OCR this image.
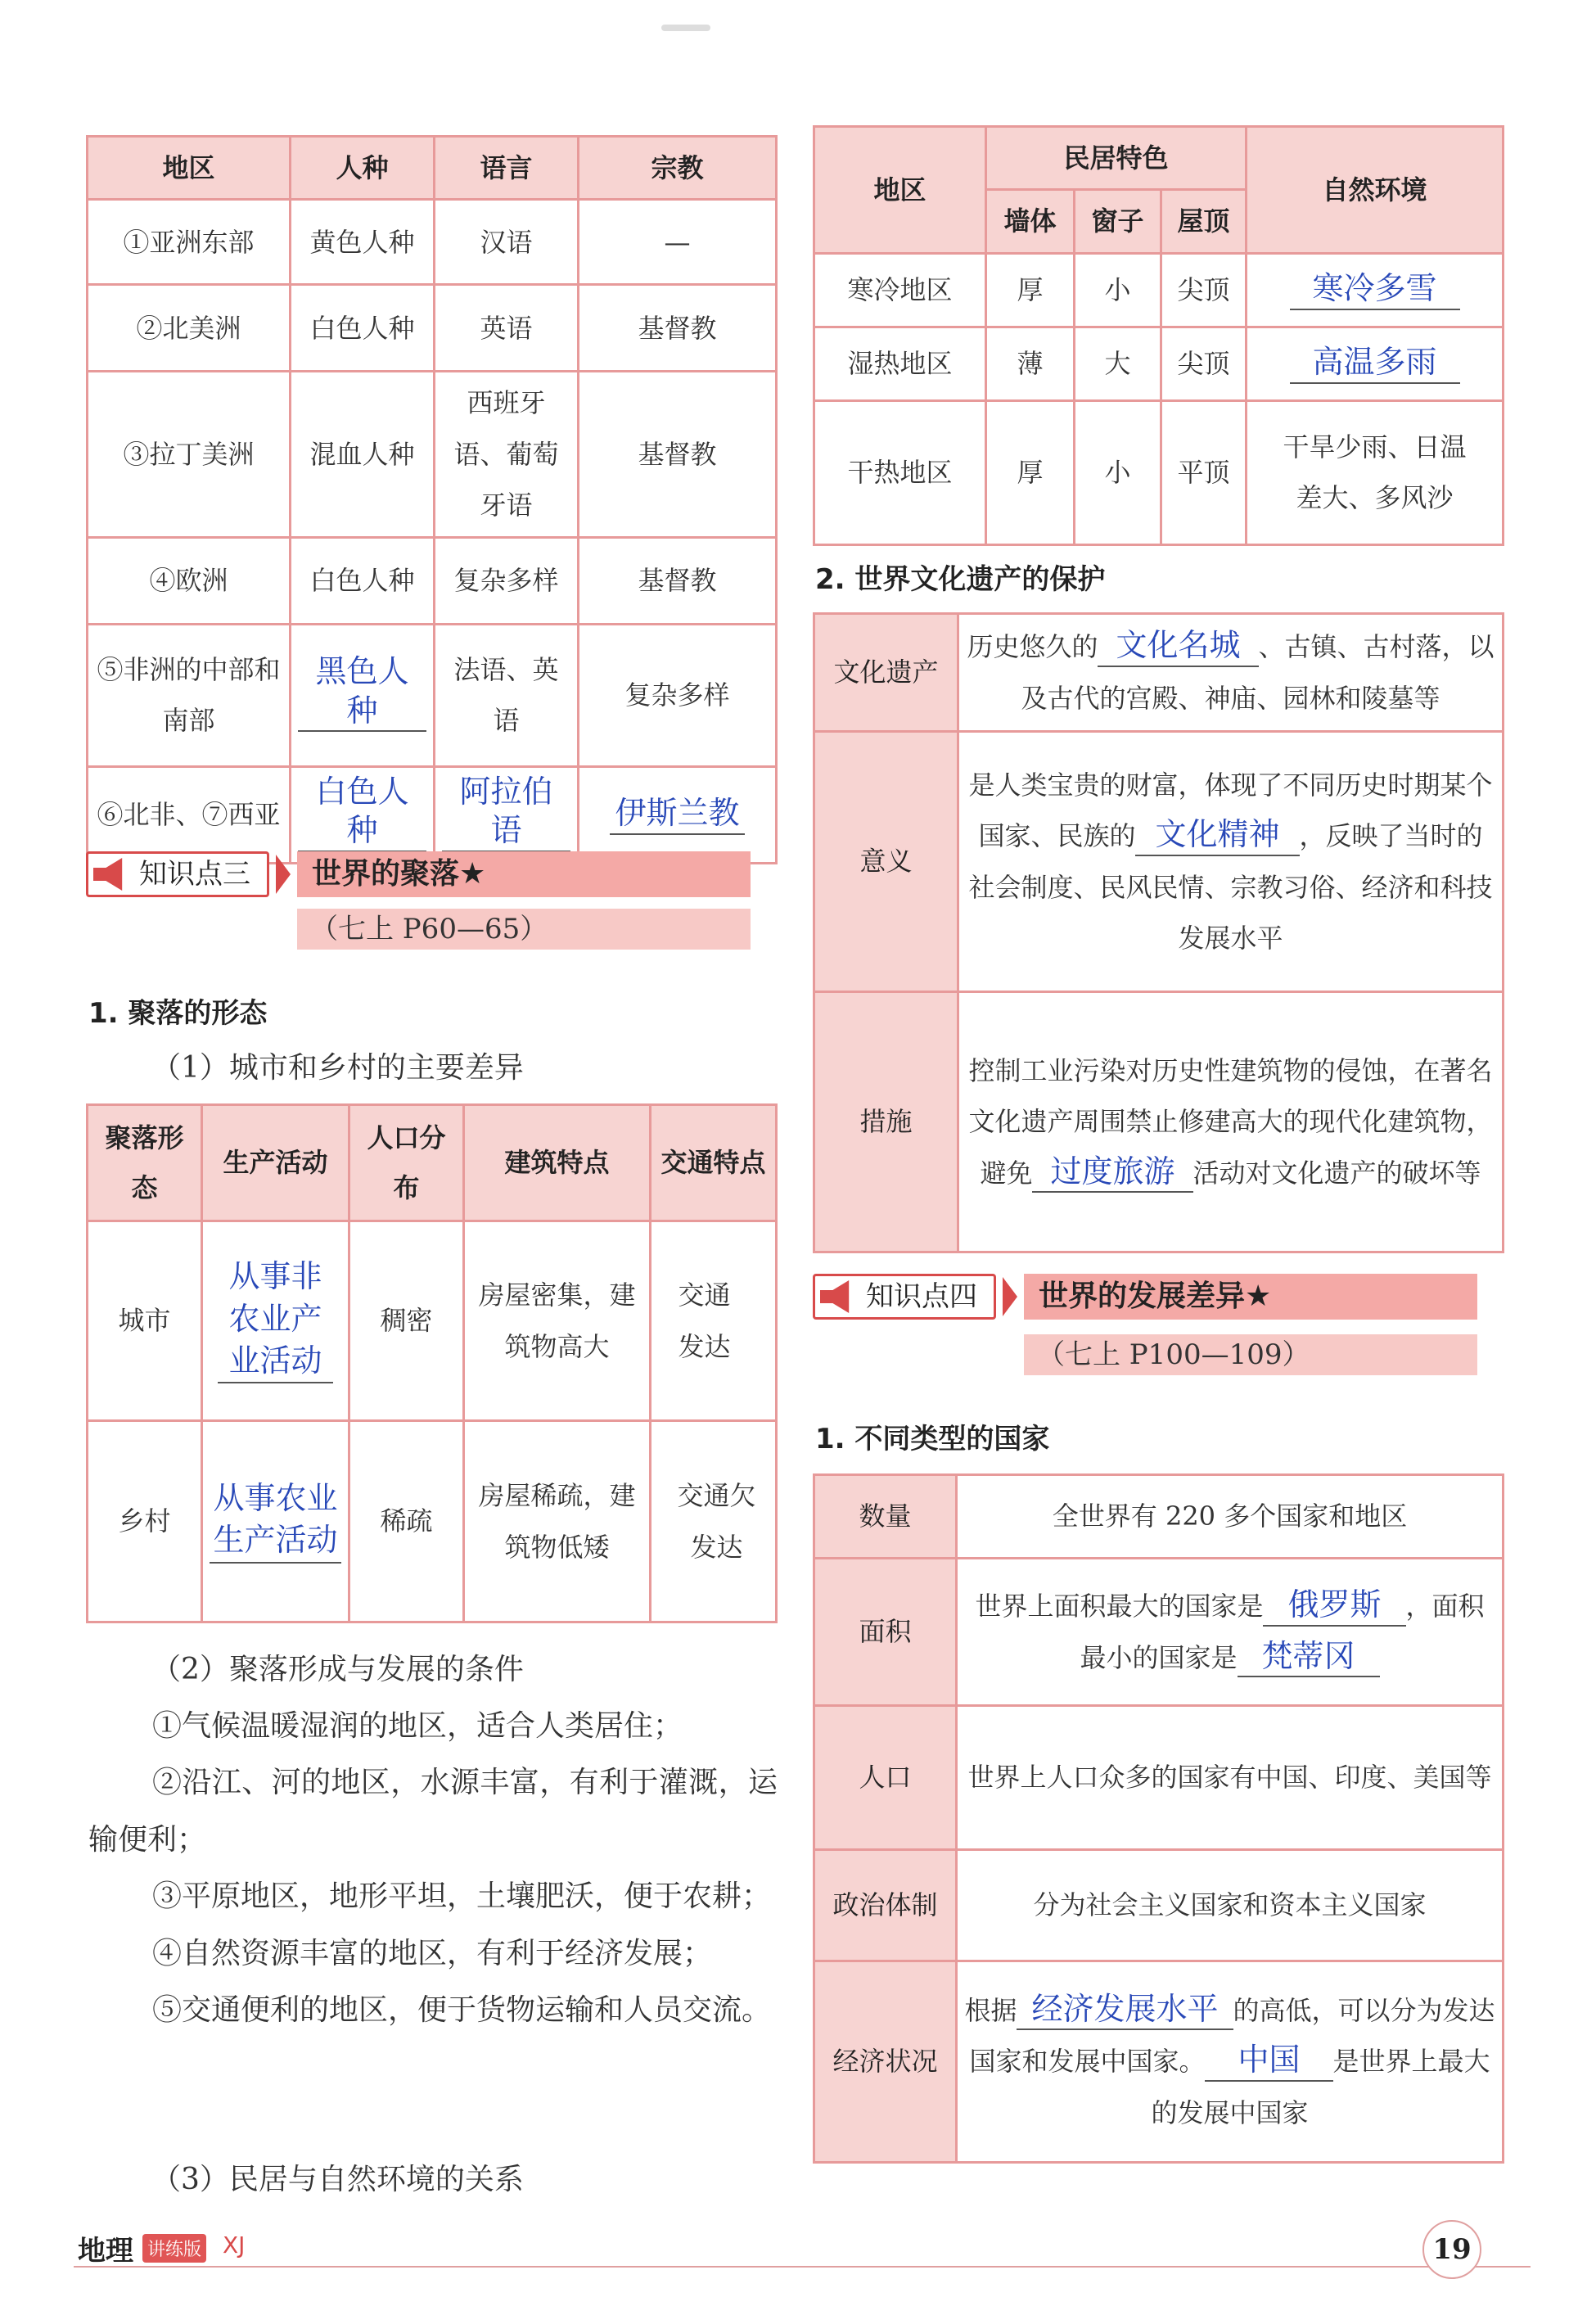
地区	人种	语言	宗教
①亚洲东部	黄色人种	汉语	—
②北美洲	白色人种	英语	基督教
③拉丁美洲	混血人种	西班牙语、葡萄牙语	基督教
④欧洲	白色人种	复杂多样	基督教
⑤非洲的中部和南部	黑色人种	法语、英语	复杂多样
⑥北非、⑦西亚	白色人种	阿拉伯语	伊斯兰教
知识点三	世界的聚落★
（七上 P60—65）
1. 聚落的形态
（1）城市和乡村的主要差异
聚落形态	生产活动	人口分布	建筑特点	交通特点
城市	从事非农业产业活动	稠密	房屋密集，建筑物高大	交通发达
乡村	从事农业生产活动	稀疏	房屋稀疏，建筑物低矮	交通欠发达
（2）聚落形成与发展的条件
①气候温暖湿润的地区，适合人类居住；
②沿江、河的地区，水源丰富，有利于灌溉，运输便利；
③平原地区，地形平坦，土壤肥沃，便于农耕；
④自然资源丰富的地区，有利于经济发展；
⑤交通便利的地区，便于货物运输和人员交流。
（3）民居与自然环境的关系
地区	民居特色			自然环境
	墙体	窗子	屋顶	
寒冷地区	厚	小	尖顶	寒冷多雪
湿热地区	薄	大	尖顶	高温多雨
干热地区	厚	小	平顶	干旱少雨、日温差大、多风沙
2. 世界文化遗产的保护
文化遗产	历史悠久的 文化名城 、古镇、古村落，以及古代的宫殿、神庙、园林和陵墓等
意义	是人类宝贵的财富，体现了不同历史时期某个国家、民族的 文化精神 ，反映了当时的社会制度、民风民情、宗教习俗、经济和科技发展水平
措施	控制工业污染对历史性建筑物的侵蚀，在著名文化遗产周围禁止修建高大的现代化建筑物，避免 过度旅游 活动对文化遗产的破坏等
知识点四	世界的发展差异★
（七上 P100—109）
1. 不同类型的国家
数量	全世界有 220 多个国家和地区
面积	世界上面积最大的国家是 俄罗斯 ，面积最小的国家是 梵蒂冈
人口	世界上人口众多的国家有中国、印度、美国等
政治体制	分为社会主义国家和资本主义国家
经济状况	根据 经济发展水平 的高低，可以分为发达国家和发展中国家。 中国 是世界上最大的发展中国家
地理 讲练版 XJ	19
